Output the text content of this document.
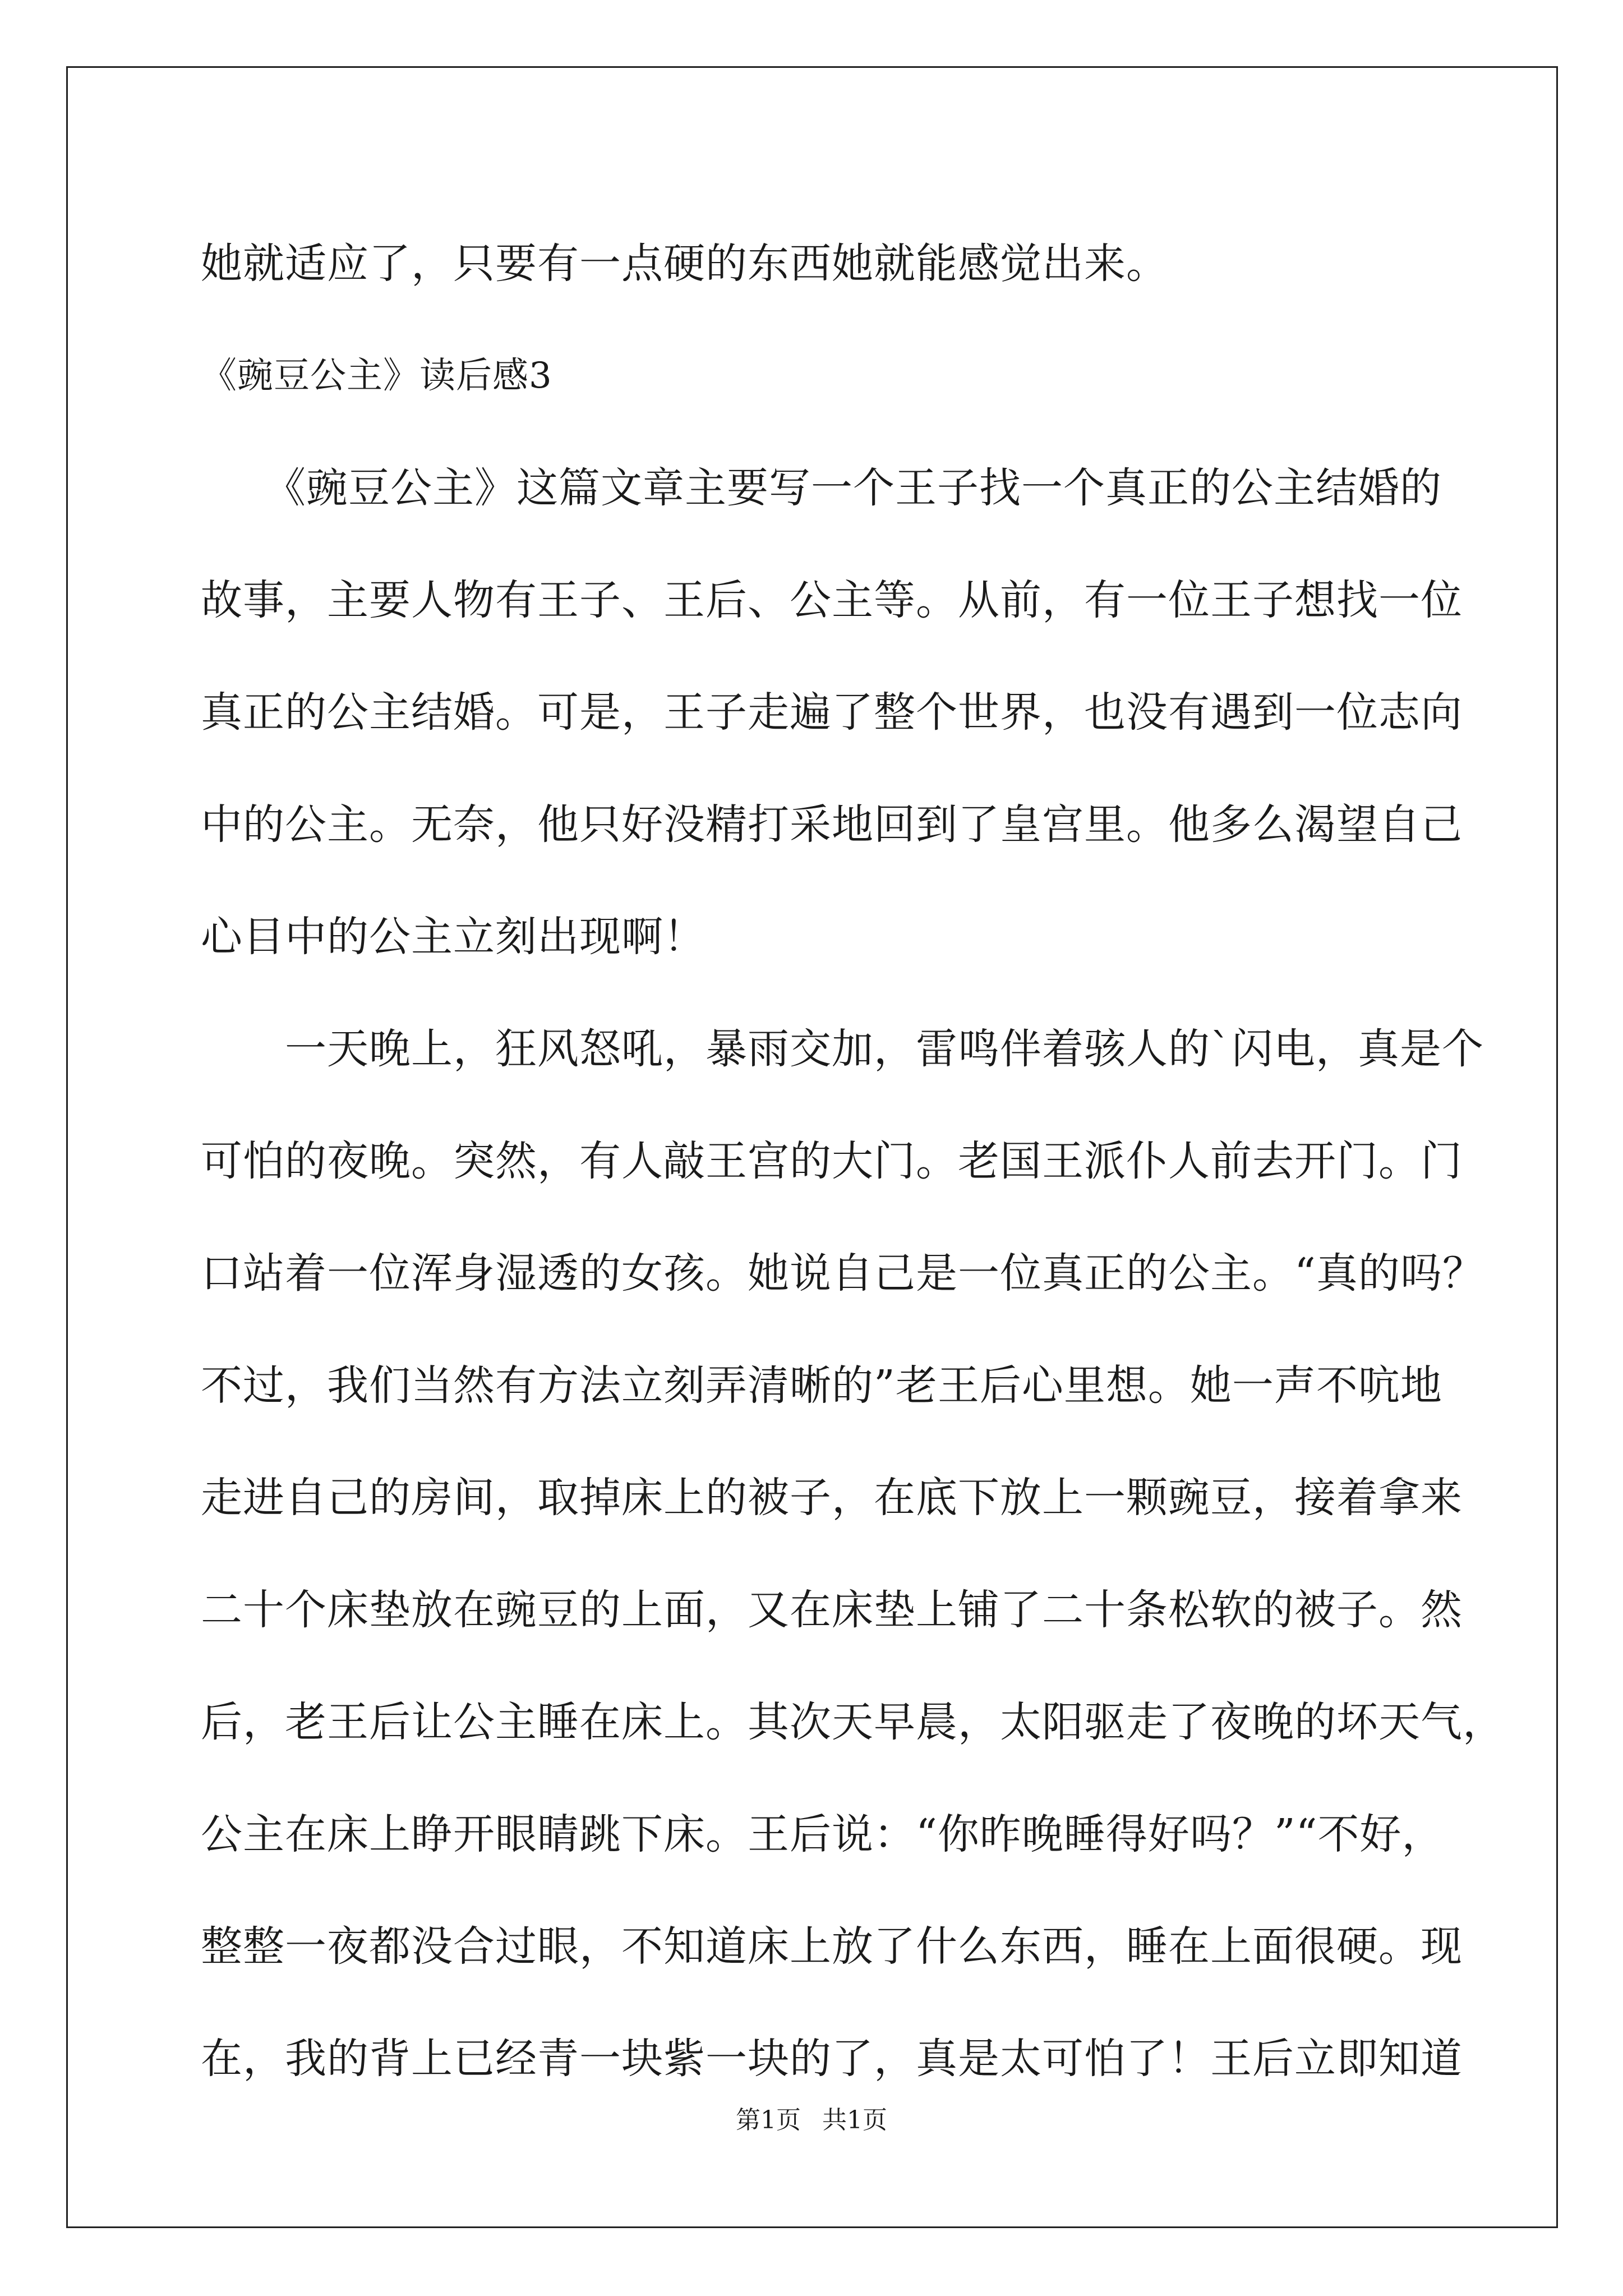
她就适应了，只要有一点硬的东西她就能感觉出来。
《豌豆公主》读后感3
　　《豌豆公主》这篇文章主要写一个王子找一个真正的公主结婚的
故事，主要人物有王子、王后、公主等。从前，有一位王子想找一位
真正的公主结婚。可是，王子走遍了整个世界，也没有遇到一位志向
中的公主。无奈，他只好没精打采地回到了皇宫里。他多么渴望自己
心目中的公主立刻出现啊！
　　一天晚上，狂风怒吼，暴雨交加，雷鸣伴着骇人的`闪电，真是个
可怕的夜晚。突然，有人敲王宫的大门。老国王派仆人前去开门。门
口站着一位浑身湿透的女孩。她说自己是一位真正的公主。“真的吗？
不过，我们当然有方法立刻弄清晰的”老王后心里想。她一声不吭地
走进自己的房间，取掉床上的被子，在底下放上一颗豌豆，接着拿来
二十个床垫放在豌豆的上面，又在床垫上铺了二十条松软的被子。然
后，老王后让公主睡在床上。其次天早晨，太阳驱走了夜晚的坏天气，
公主在床上睁开眼睛跳下床。王后说：“你昨晚睡得好吗？”“不好，
整整一夜都没合过眼，不知道床上放了什么东西，睡在上面很硬。现
在，我的背上已经青一块紫一块的了，真是太可怕了！王后立即知道
第1页 共1页
